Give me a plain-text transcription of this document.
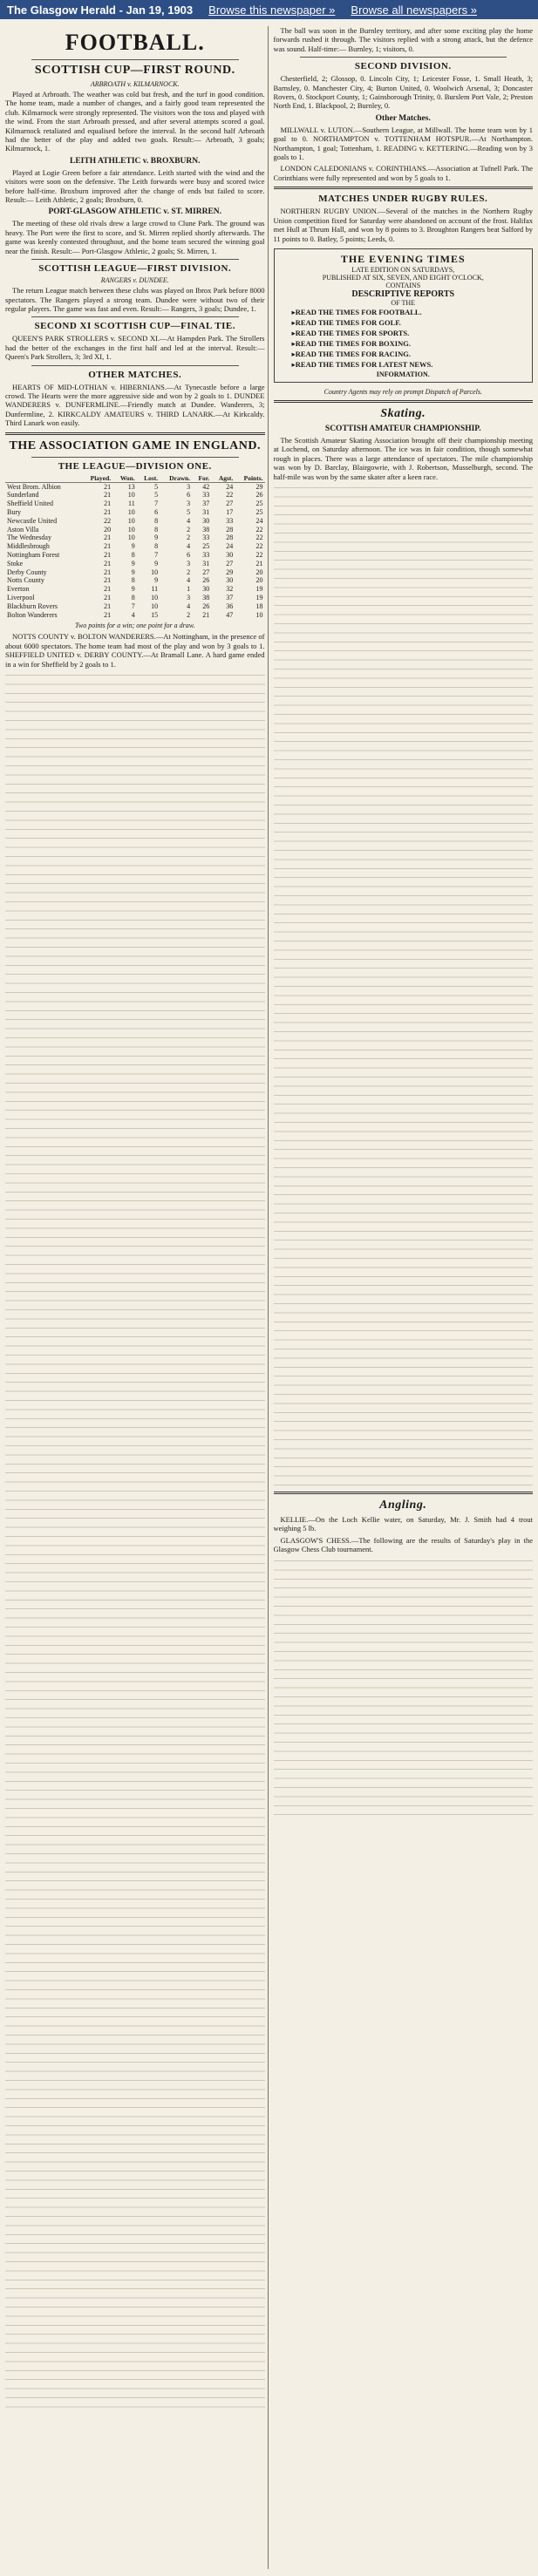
The Glasgow Herald - Jan 19, 1903 Browse this newspaper » Browse all newspapers »
FOOTBALL.
SCOTTISH CUP—FIRST ROUND.
ARBROATH v. KILMARNOCK.

Played at Arbroath. The weather was cold but fresh, and the turf in good condition. The home team, made a number of changes, and a fairly good team represented the club. Kilmarnock were strongly represented. The visitors won the toss and played with the wind. From the start Arbroath pressed, and after several attempts scored a goal. Kilmarnock retaliated and equalised before the interval. In the second half Arbroath had the better of the play and added two goals. Result:— Arbroath, 3 goals; Kilmarnock, 1.

LEITH ATHLETIC v. BROXBURN.

Played at Logie Green before a fair attendance. Leith started with the wind and the visitors were soon on the defensive. The Leith forwards were busy and scored twice before half-time. Broxburn improved after the change of ends but failed to score. Result:— Leith Athletic, 2 goals; Broxburn, 0.

PORT-GLASGOW ATHLETIC v. ST. MIRREN.

The meeting of these old rivals drew a large crowd to Clune Park. The ground was heavy. The Port were the first to score, and St. Mirren replied shortly afterwards. The game was keenly contested throughout, and the home team secured the winning goal near the finish. Result:— Port-Glasgow Athletic, 2 goals; St. Mirren, 1.

SCOTTISH LEAGUE—FIRST DIVISION.
RANGERS v. DUNDEE.

The return League match between these clubs was played on Ibrox Park before 8000 spectators. The Rangers played a strong team. Dundee were without two of their regular players. The game was fast and even. Result:— Rangers, 3 goals; Dundee, 1.

SECOND XI SCOTTISH CUP—FINAL TIE.

QUEEN'S PARK STROLLERS v. SECOND XI.—At Hampden Park. The Strollers had the better of the exchanges in the first half and led at the interval. Result:— Queen's Park Strollers, 3; 3rd XI, 1.

OTHER MATCHES.

HEARTS OF MID-LOTHIAN v. HIBERNIANS.—At Tynecastle before a large crowd. The Hearts were the more aggressive side and won by 2 goals to 1. DUNDEE WANDERERS v. DUNFERMLINE.—Friendly match at Dundee. Wanderers, 3; Dunfermline, 2. KIRKCALDY AMATEURS v. THIRD LANARK.—At Kirkcaldy. Third Lanark won easily.

THE ASSOCIATION GAME IN ENGLAND.
THE LEAGUE—DIVISION ONE.
	Played.	Won.	Lost.	Drawn.	For.	Agst.	Points.
West Brom. Albion	21	13	5	3	42	24	29
Sunderland	21	10	5	6	33	22	26
Sheffield United	21	11	7	3	37	27	25
Bury	21	10	6	5	31	17	25
Newcastle United	22	10	8	4	30	33	24
Aston Villa	20	10	8	2	38	28	22
The Wednesday	21	10	9	2	33	28	22
Middlesbrough	21	9	8	4	25	24	22
Nottingham Forest	21	8	7	6	33	30	22
Stoke	21	9	9	3	31	27	21
Derby County	21	9	10	2	27	29	20
Notts County	21	8	9	4	26	30	20
Everton	21	9	11	1	30	32	19
Liverpool	21	8	10	3	38	37	19
Blackburn Rovers	21	7	10	4	26	36	18
Bolton Wanderers	21	4	15	2	21	47	10
Two points for a win; one point for a draw.

NOTTS COUNTY v. BOLTON WANDERERS.—At Nottingham, in the presence of about 6000 spectators. The home team had most of the play and won by 3 goals to 1. SHEFFIELD UNITED v. DERBY COUNTY.—At Bramall Lane. A hard game ended in a win for Sheffield by 2 goals to 1.

The ball was soon in the Burnley territory, and after some exciting play the home forwards rushed it through. The visitors replied with a strong attack, but the defence was sound. Half-time:— Burnley, 1; visitors, 0.

SECOND DIVISION.

Chesterfield, 2; Glossop, 0. Lincoln City, 1; Leicester Fosse, 1. Small Heath, 3; Barnsley, 0. Manchester City, 4; Burton United, 0. Woolwich Arsenal, 3; Doncaster Rovers, 0. Stockport County, 1; Gainsborough Trinity, 0. Burslem Port Vale, 2; Preston North End, 1. Blackpool, 2; Burnley, 0.

Other Matches.

MILLWALL v. LUTON.—Southern League, at Millwall. The home team won by 1 goal to 0. NORTHAMPTON v. TOTTENHAM HOTSPUR.—At Northampton. Northampton, 1 goal; Tottenham, 1. READING v. KETTERING.—Reading won by 3 goals to 1.

LONDON CALEDONIANS v. CORINTHIANS.—Association at Tufnell Park. The Corinthians were fully represented and won by 5 goals to 1.

MATCHES UNDER RUGBY RULES.

NORTHERN RUGBY UNION.—Several of the matches in the Northern Rugby Union competition fixed for Saturday were abandoned on account of the frost. Halifax met Hull at Thrum Hall, and won by 8 points to 3. Broughton Rangers beat Salford by 11 points to 0. Batley, 5 points; Leeds, 0.

THE EVENING TIMES
LATE EDITION ON SATURDAYS,
PUBLISHED AT SIX, SEVEN, AND EIGHT O'CLOCK,
CONTAINS
DESCRIPTIVE REPORTS
OF THE
▸ READ THE TIMES FOR FOOTBALL.
▸ READ THE TIMES FOR GOLF.
▸ READ THE TIMES FOR SPORTS.
▸ READ THE TIMES FOR BOXING.
▸ READ THE TIMES FOR RACING.
▸ READ THE TIMES FOR LATEST NEWS.
INFORMATION.
Country Agents may rely on prompt Dispatch of Parcels.
Skating.
SCOTTISH AMATEUR CHAMPIONSHIP.

The Scottish Amateur Skating Association brought off their championship meeting at Lochend, on Saturday afternoon. The ice was in fair condition, though somewhat rough in places. There was a large attendance of spectators. The mile championship was won by D. Barclay, Blairgowrie, with J. Robertson, Musselburgh, second. The half-mile was won by the same skater after a keen race.

Angling.

KELLIE.—On the Loch Kellie water, on Saturday, Mr. J. Smith had 4 trout weighing 5 lb.

GLASGOW'S CHESS.—The following are the results of Saturday's play in the Glasgow Chess Club tournament.
